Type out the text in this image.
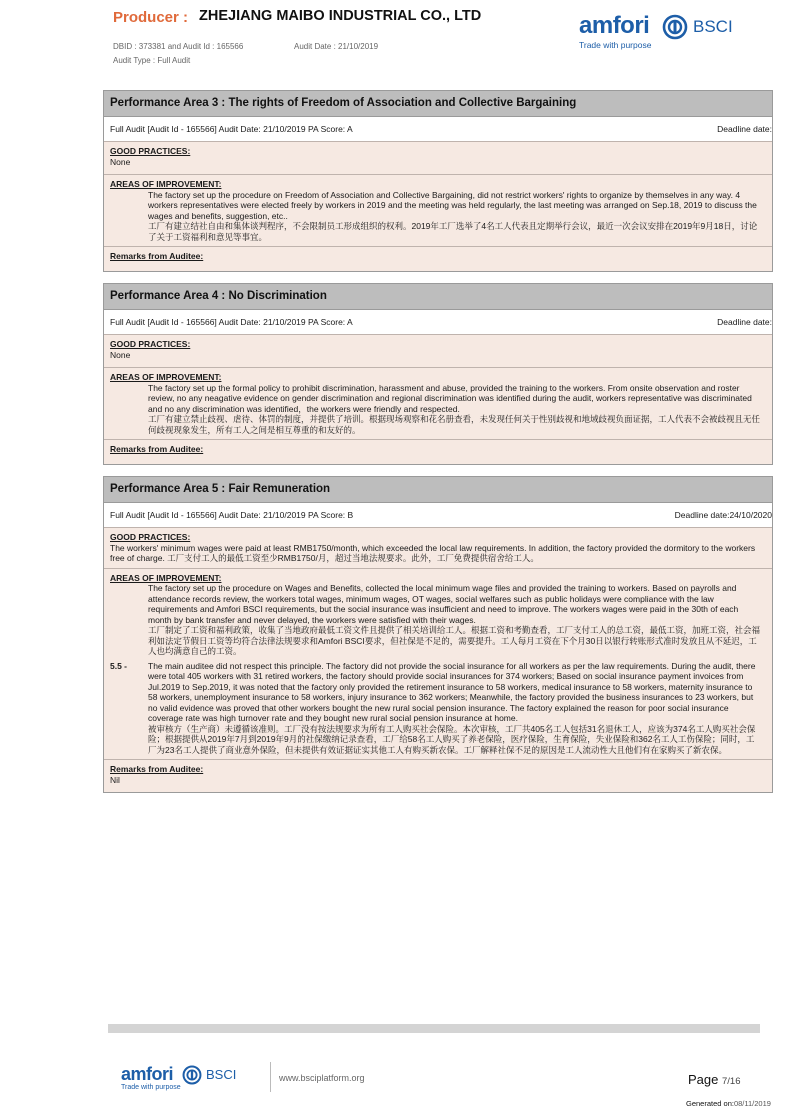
Producer : ZHEJIANG MAIBO INDUSTRIAL CO., LTD
DBID : 373381 and Audit Id : 165566	Audit Date : 21/10/2019
Audit Type : Full Audit
amfori	BSCI
Trade with purpose
Performance Area 3 : The rights of Freedom of Association and Collective Bargaining
Full Audit [Audit Id - 165566] Audit Date: 21/10/2019 PA Score: A	Deadline date:
GOOD PRACTICES:
None
AREAS OF IMPROVEMENT:
The factory set up the procedure on Freedom of Association and Collective Bargaining, did not restrict workers' rights to organize by themselves in any way. 4 workers representatives were elected freely by workers in 2019 and the meeting was held regularly, the last meeting was arranged on Sep.18, 2019 to discuss the wages and benefits, suggestion, etc..
工厂有建立结社自由和集体谈判程序，不会限制员工形成组织的权利。2019年工厂选举了4名工人代表且定期举行会议，最近一次会议安排在2019年9月18日，讨论了关于工资福利和意见等事宜。
Remarks from Auditee:
Performance Area 4 : No Discrimination
Full Audit [Audit Id - 165566] Audit Date: 21/10/2019 PA Score: A	Deadline date:
GOOD PRACTICES:
None
AREAS OF IMPROVEMENT:
The factory set up the formal policy to prohibit discrimination, harassment and abuse, provided the training to the workers. From onsite observation and roster review, no any neagative evidence on gender discrimination and regional discrimination was identified during the audit, workers representative was discriminated and no any discrimination was identified，the workers were friendly and respected.
工厂有建立禁止歧视、虐待、体罚的制度，并提供了培训。根据现场观察和花名册查看，未发现任何关于性别歧视和地域歧视负面证据，工人代表不会被歧视且无任何歧视现象发生，所有工人之间是相互尊重的和友好的。
Remarks from Auditee:
Performance Area 5 : Fair Remuneration
Full Audit [Audit Id - 165566] Audit Date: 21/10/2019 PA Score: B	Deadline date:24/10/2020
GOOD PRACTICES:
The workers' minimum wages were paid at least RMB1750/month, which exceeded the local law requirements. In addition, the factory provided the dormitory to the workers free of charge. 工厂支付工人的最低工资至少RMB1750/月，超过当地法规要求。此外，工厂免费提供宿舍给工人。
AREAS OF IMPROVEMENT:
The factory set up the procedure on Wages and Benefits, collected the local minimum wage files and provided the training to workers. Based on payrolls and attendance records review, the workers total wages, minimum wages, OT wages, social welfares such as public holidays were compliance with the law requirements and Amfori BSCI requirements, but the social insurance was insufficient and need to improve. The workers wages were paid in the 30th of each month by bank transfer and never delayed, the workers were satisfied with their wages.
工厂制定了工资和福利政策，收集了当地政府最低工资文件且提供了相关培训给工人。根据工资和考勤查看，工厂支付工人的总工资，最低工资，加班工资，社会福利如法定节假日工资等均符合法律法规要求和Amfori BSCI要求，但社保是不足的，需要提升。工人每月工资在下个月30日以银行转账形式准时发放且从不延迟，工人也均满意自己的工资。
5.5 -	The main auditee did not respect this principle. The factory did not provide the social insurance for all workers as per the law requirements. During the audit, there were total 405 workers with 31 retired workers, the factory should provide social insurances for 374 workers; Based on social insurance payment invoices from Jul.2019 to Sep.2019, it was noted that the factory only provided the retirement insurance to 58 workers, medical insurance to 58 workers, maternity insurance to 58 workers, unemployment insurance to 58 workers, injury insurance to 362 workers; Meanwhile, the factory provided the business insurances to 23 workers, but no valid evidence was proved that other workers bought the new rural social pension insurance. The factory explained the reason for poor social insurance coverage rate was high turnover rate and they bought new rural social pension insurance at home.
被审核方（生产商）未遵循该准则。工厂没有按法规要求为所有工人购买社会保险。本次审核，工厂共405名工人包括31名退休工人，应该为374名工人购买社会保险；根据提供从2019年7月到2019年9月的社保缴纳记录查看，工厂给58名工人购买了养老保险，医疗保险，生育保险，失业保险和362名工人工伤保险；同时，工厂为23名工人提供了商业意外保险，但未提供有效证据证实其他工人有购买新农保。工厂解释社保不足的原因是工人流动性大且他们有在家购买了新农保。
Remarks from Auditee:
Nil
amfori	BSCI
Trade with purpose
www.bsciplatform.org	Page 7/16
Generated on:08/11/2019
